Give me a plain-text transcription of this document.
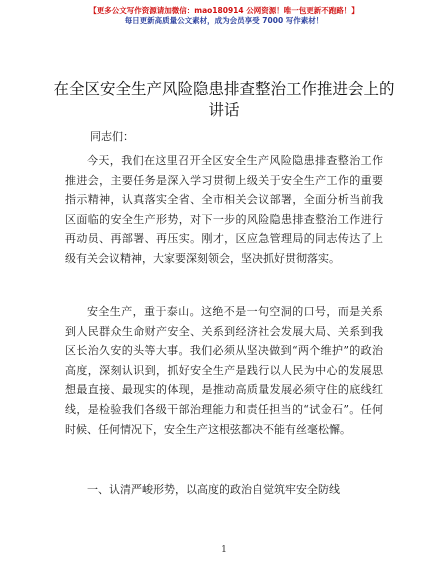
【更多公文写作资源请加微信：mao180914 公网资源！唯一包更新不跑路！】
每日更新高质量公文素材，成为会员享受 7000 写作素材！
在全区安全生产风险隐患排查整治工作推进会上的讲话
同志们：

今天，我们在这里召开全区安全生产风险隐患排查整治工作推进会，主要任务是深入学习贯彻上级关于安全生产工作的重要指示精神，认真落实全省、全市相关会议部署，全面分析当前我区面临的安全生产形势，对下一步的风险隐患排查整治工作进行再动员、再部署、再压实。刚才，区应急管理局的同志传达了上级有关会议精神，大家要深刻领会，坚决抓好贯彻落实。

安全生产，重于泰山。这绝不是一句空洞的口号，而是关系到人民群众生命财产安全、关系到经济社会发展大局、关系到我区长治久安的头等大事。我们必须从坚决做到“两个维护”的政治高度，深刻认识到，抓好安全生产是践行以人民为中心的发展思想最直接、最现实的体现，是推动高质量发展必须守住的底线红线，是检验我们各级干部治理能力和责任担当的“试金石”。任何时候、任何情况下，安全生产这根弦都决不能有丝毫松懈。

一、认清严峻形势，以高度的政治自觉筑牢安全防线

1
